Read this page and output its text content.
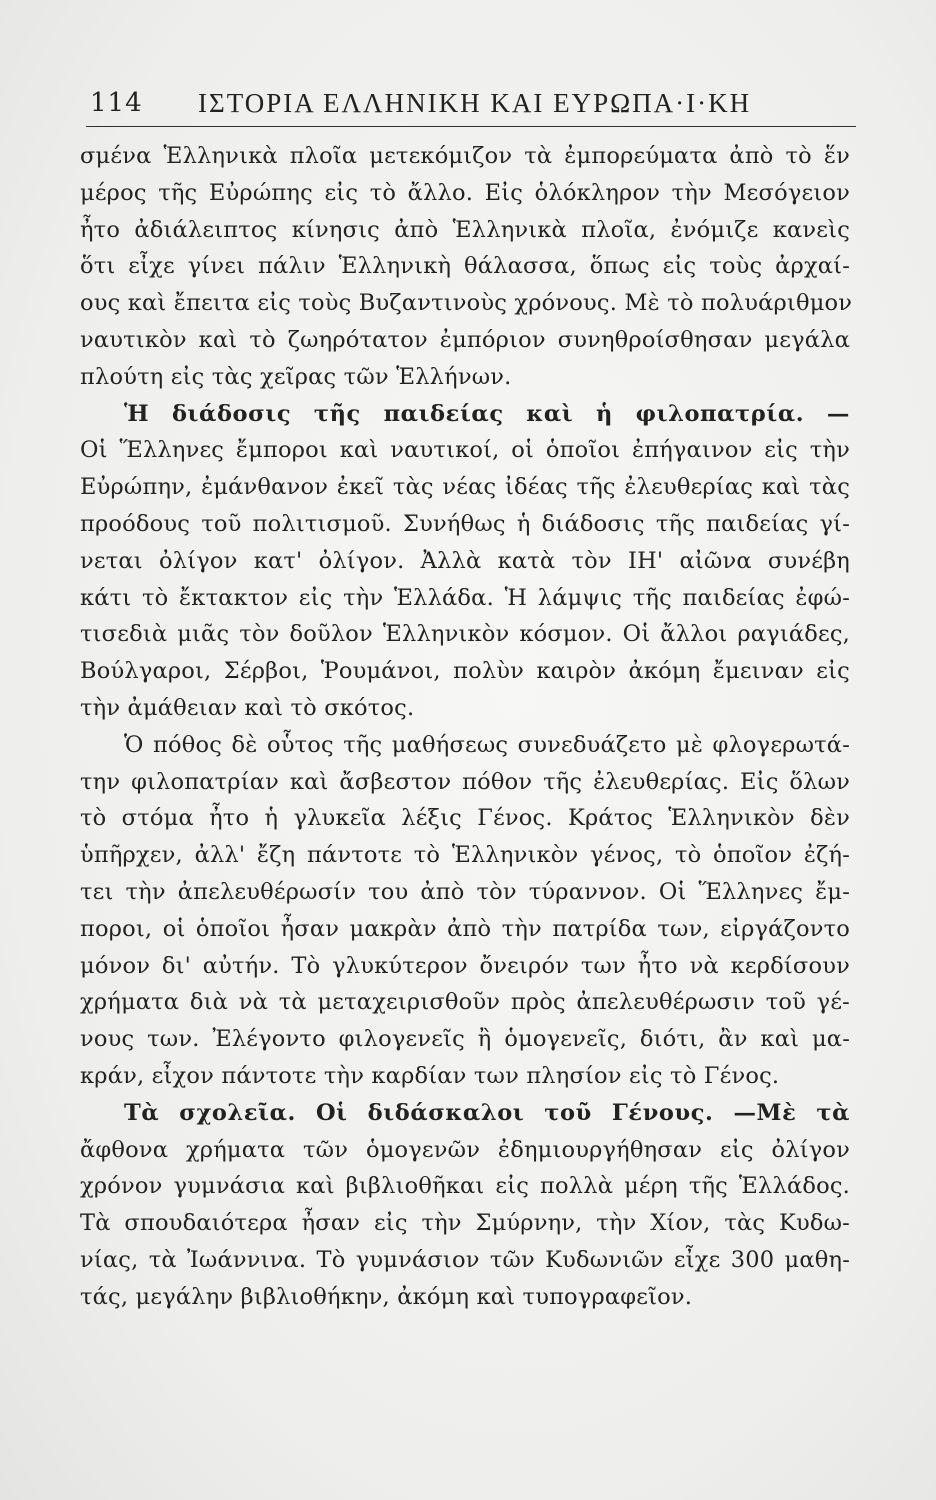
114 ΙΣΤΟΡΙΑ ΕΛΛΗΝΙΚΗ ΚΑΙ ΕΥΡΩΠΑ·Ι·ΚΗ
σμένα Ἑλληνικὰ πλοῖα μετεκόμιζον τὰ ἐμπορεύματα ἀπὸ τὸ ἕν
μέρος τῆς Εὐρώπης εἰς τὸ ἄλλο. Εἰς ὁλόκληρον τὴν Μεσόγειον
ἦτο ἀδιάλειπτος κίνησις ἀπὸ Ἑλληνικὰ πλοῖα, ἐνόμιζε κανεὶς
ὅτι εἶχε γίνει πάλιν Ἑλληνικὴ θάλασσα, ὅπως εἰς τοὺς ἀρχαί-
ους καὶ ἔπειτα εἰς τοὺς Βυζαντινοὺς χρόνους. Μὲ τὸ πολυάριθμον
ναυτικὸν καὶ τὸ ζωηρότατον ἐμπόριον συνηθροίσθησαν μεγάλα
πλούτη εἰς τὰς χεῖρας τῶν Ἑλλήνων.
Ἡ διάδοσις τῆς παιδείας καὶ ἡ φιλοπατρία. —
Οἱ Ἕλληνες ἔμποροι καὶ ναυτικοί, οἱ ὁποῖοι ἐπήγαινον εἰς τὴν
Εὐρώπην, ἐμάνθανον ἐκεῖ τὰς νέας ἰδέας τῆς ἐλευθερίας καὶ τὰς
προόδους τοῦ πολιτισμοῦ. Συνήθως ἡ διάδοσις τῆς παιδείας γί-
νεται ὀλίγον κατ' ὀλίγον. Ἀλλὰ κατὰ τὸν ΙΗ' αἰῶνα συνέβη
κάτι τὸ ἔκτακτον εἰς τὴν Ἑλλάδα. Ἡ λάμψις τῆς παιδείας ἐφώ-
τισεδιὰ μιᾶς τὸν δοῦλον Ἑλληνικὸν κόσμον. Οἱ ἄλλοι ραγιάδες,
Βούλγαροι, Σέρβοι, Ῥουμάνοι, πολὺν καιρὸν ἀκόμη ἔμειναν εἰς
τὴν ἀμάθειαν καὶ τὸ σκότος.
Ὁ πόθος δὲ οὗτος τῆς μαθήσεως συνεδυάζετο μὲ φλογερωτά-
την φιλοπατρίαν καὶ ἄσβεστον πόθον τῆς ἐλευθερίας. Εἰς ὅλων
τὸ στόμα ἦτο ἡ γλυκεῖα λέξις Γένος. Κράτος Ἑλληνικὸν δὲν
ὑπῆρχεν, ἀλλ' ἔζη πάντοτε τὸ Ἑλληνικὸν γένος, τὸ ὁποῖον ἐζή-
τει τὴν ἀπελευθέρωσίν του ἀπὸ τὸν τύραννον. Οἱ Ἕλληνες ἔμ-
ποροι, οἱ ὁποῖοι ἦσαν μακρὰν ἀπὸ τὴν πατρίδα των, εἰργάζοντο
μόνον δι' αὐτήν. Τὸ γλυκύτερον ὄνειρόν των ἦτο νὰ κερδίσουν
χρήματα διὰ νὰ τὰ μεταχειρισθοῦν πρὸς ἀπελευθέρωσιν τοῦ γέ-
νους των. Ἐλέγοντο φιλογενεῖς ἢ ὁμογενεῖς, διότι, ἂν καὶ μα-
κράν, εἶχον πάντοτε τὴν καρδίαν των πλησίον εἰς τὸ Γένος.
Τὰ σχολεῖα. Οἱ διδάσκαλοι τοῦ Γένους. —Μὲ τὰ
ἄφθονα χρήματα τῶν ὁμογενῶν ἐδημιουργήθησαν εἰς ὀλίγον
χρόνον γυμνάσια καὶ βιβλιοθῆκαι εἰς πολλὰ μέρη τῆς Ἑλλάδος.
Τὰ σπουδαιότερα ἦσαν εἰς τὴν Σμύρνην, τὴν Χίον, τὰς Κυδω-
νίας, τὰ Ἰωάννινα. Τὸ γυμνάσιον τῶν Κυδωνιῶν εἶχε 300 μαθη-
τάς, μεγάλην βιβλιοθήκην, ἀκόμη καὶ τυπογραφεῖον.
